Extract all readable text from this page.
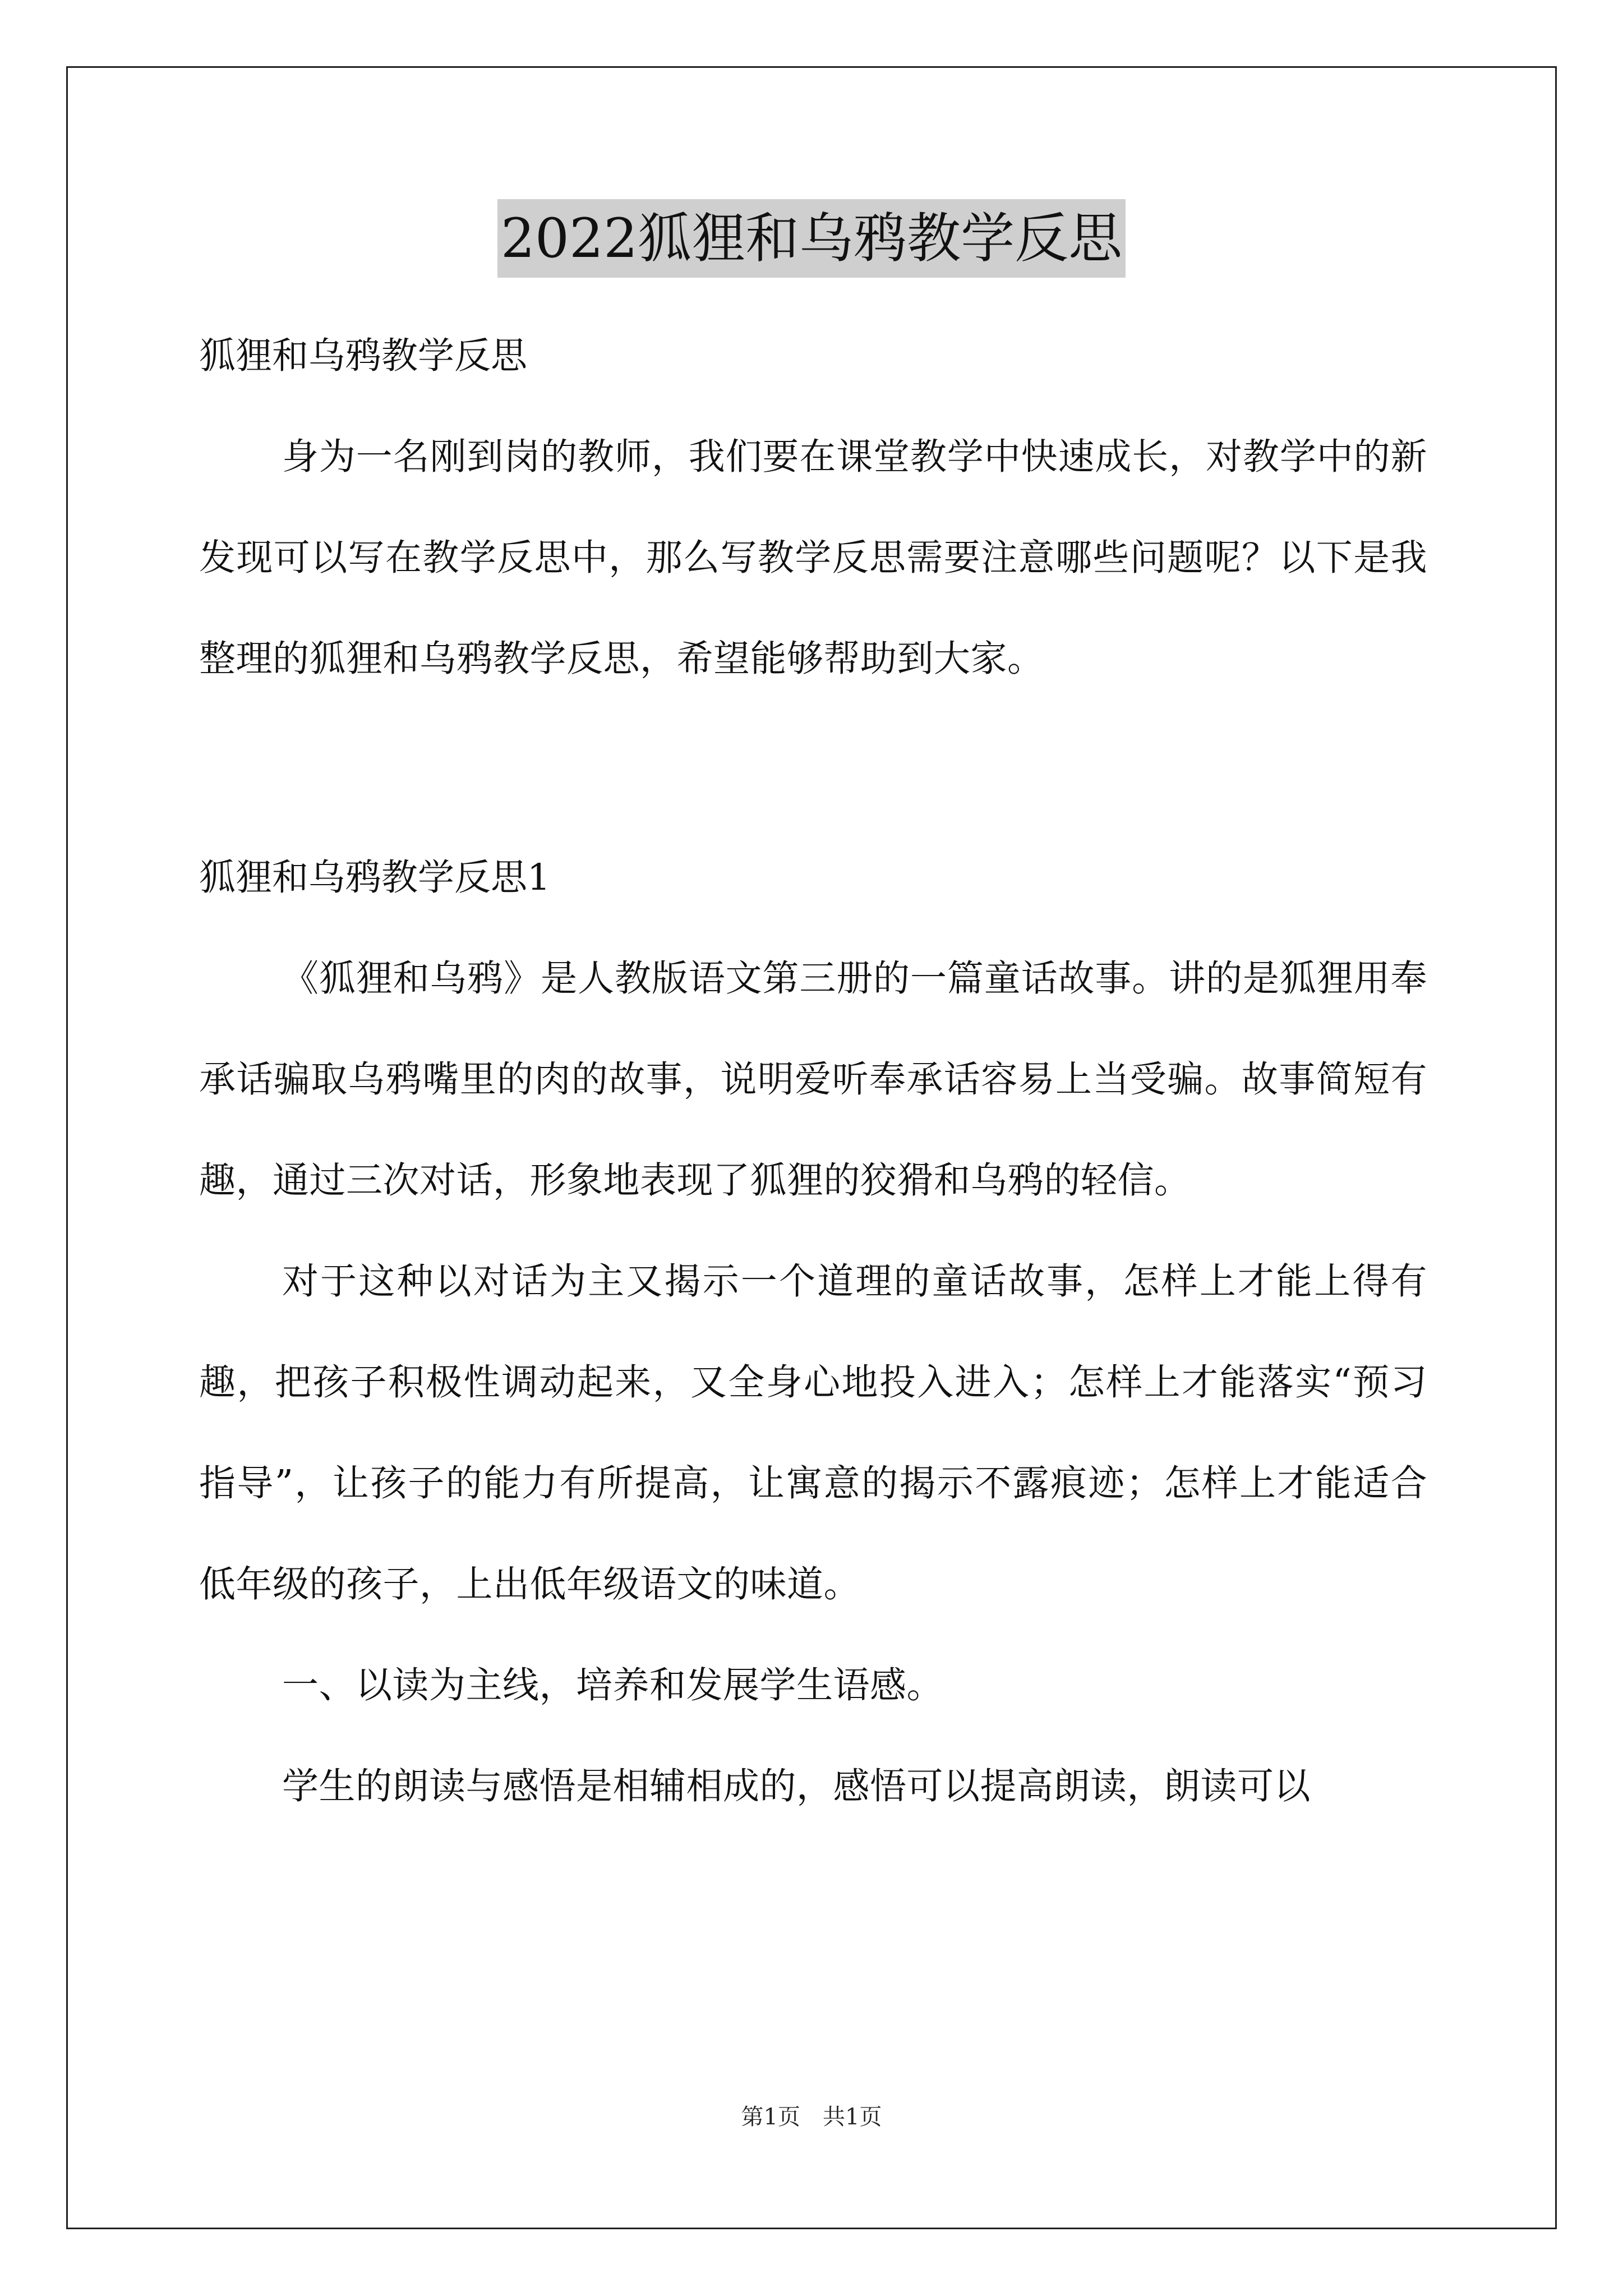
2022狐狸和乌鸦教学反思
狐狸和乌鸦教学反思

身为一名刚到岗的教师，我们要在课堂教学中快速成长，对教学中的新发现可以写在教学反思中，那么写教学反思需要注意哪些问题呢？以下是我整理的狐狸和乌鸦教学反思，希望能够帮助到大家。

狐狸和乌鸦教学反思1

《狐狸和乌鸦》是人教版语文第三册的一篇童话故事。讲的是狐狸用奉承话骗取乌鸦嘴里的肉的故事，说明爱听奉承话容易上当受骗。故事简短有趣，通过三次对话，形象地表现了狐狸的狡猾和乌鸦的轻信。

对于这种以对话为主又揭示一个道理的童话故事，怎样上才能上得有趣，把孩子积极性调动起来，又全身心地投入进入；怎样上才能落实“预习指导”，让孩子的能力有所提高，让寓意的揭示不露痕迹；怎样上才能适合低年级的孩子，上出低年级语文的味道。

一、以读为主线，培养和发展学生语感。

学生的朗读与感悟是相辅相成的，感悟可以提高朗读，朗读可以

第1页　共1页
